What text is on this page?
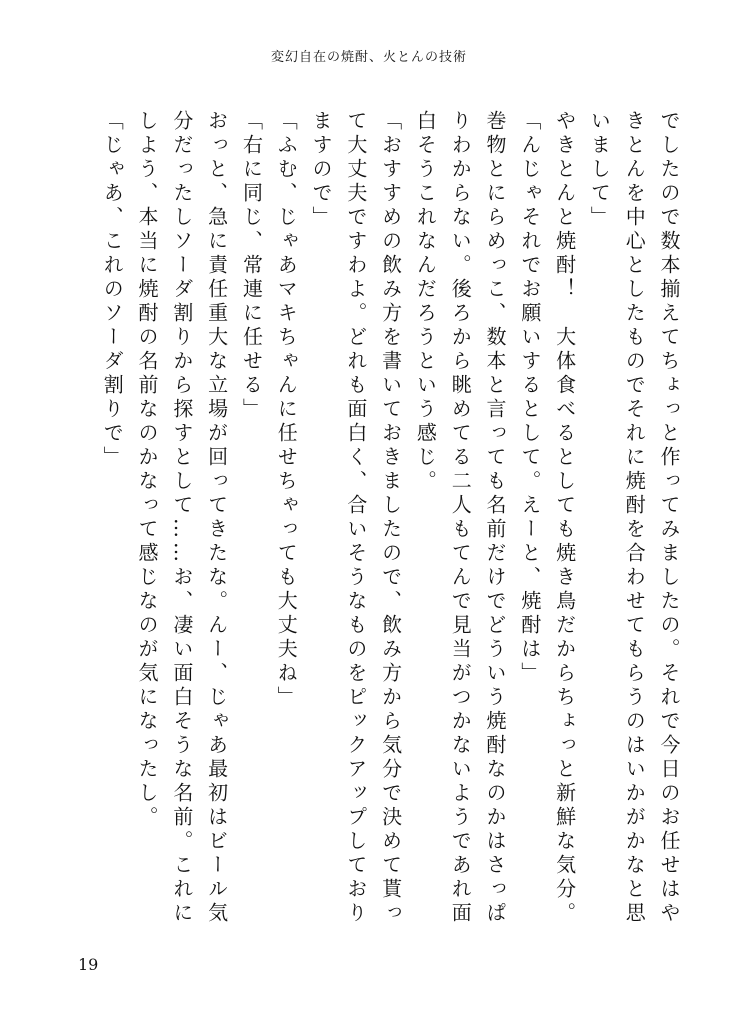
変幻自在の焼酎、火とんの技術

でしたので数本揃えてちょっと作ってみましたの。それで今日のお任せはやきとんを中心としたものでそれに焼酎を合わせてもらうのはいかがかなと思いまして」

やきとんと焼酎！　大体食べるとしても焼き鳥だからちょっと新鮮な気分。

「んじゃそれでお願いするとして。えーと、焼酎は」

巻物とにらめっこ、数本と言っても名前だけでどういう焼酎なのかはさっぱりわからない。後ろから眺めてる二人もてんで見当がつかないようであれ面白そうこれなんだろうという感じ。

「おすすめの飲み方を書いておきましたので、飲み方から気分で決めて貰って大丈夫ですわよ。どれも面白く、合いそうなものをピックアップしておりますので」

「ふむ、じゃあマキちゃんに任せちゃっても大丈夫ね」

「右に同じ、常連に任せる」

おっと、急に責任重大な立場が回ってきたな。んー、じゃあ最初はビール気分だったしソーダ割りから探すとして……お、凄い面白そうな名前。これにしよう、本当に焼酎の名前なのかなって感じなのが気になったし。

「じゃあ、これのソーダ割りで」

19
